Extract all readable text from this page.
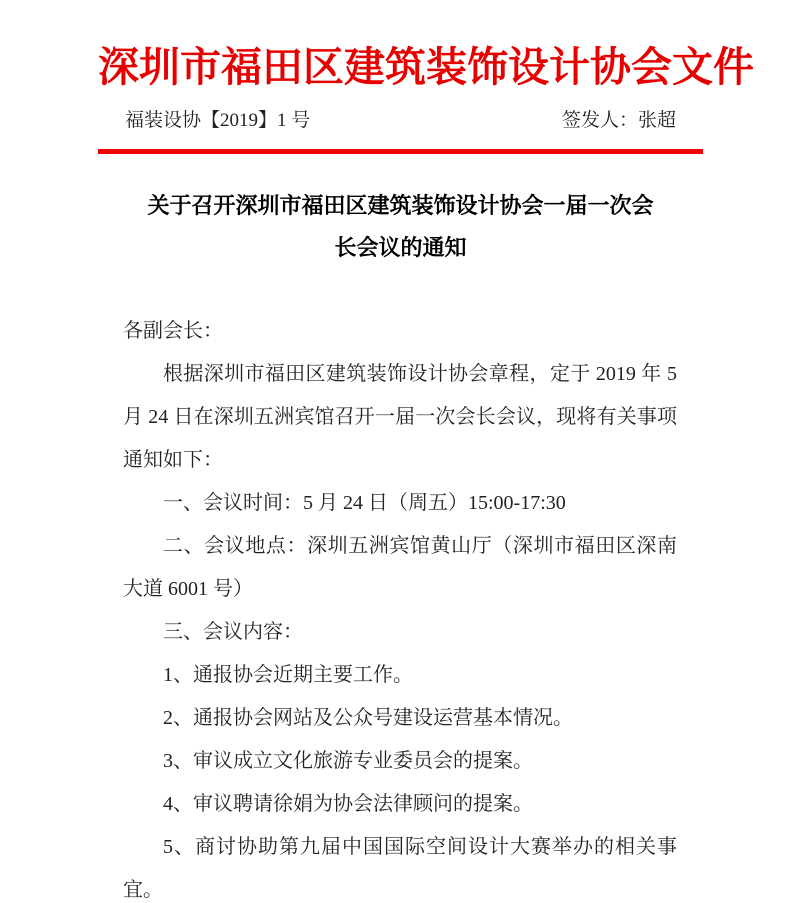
深圳市福田区建筑装饰设计协会文件
福装设协【2019】1 号	签发人：张超
关于召开深圳市福田区建筑装饰设计协会一届一次会
长会议的通知

各副会长：

根据深圳市福田区建筑装饰设计协会章程，定于 2019 年 5 月 24 日在深圳五洲宾馆召开一届一次会长会议，现将有关事项通知如下：

一、会议时间：5 月 24 日（周五）15:00-17:30

二、会议地点：深圳五洲宾馆黄山厅（深圳市福田区深南大道 6001 号）

三、会议内容：

1、通报协会近期主要工作。

2、通报协会网站及公众号建设运营基本情况。

3、审议成立文化旅游专业委员会的提案。

4、审议聘请徐娟为协会法律顾问的提案。

5、商讨协助第九届中国国际空间设计大赛举办的相关事宜。
